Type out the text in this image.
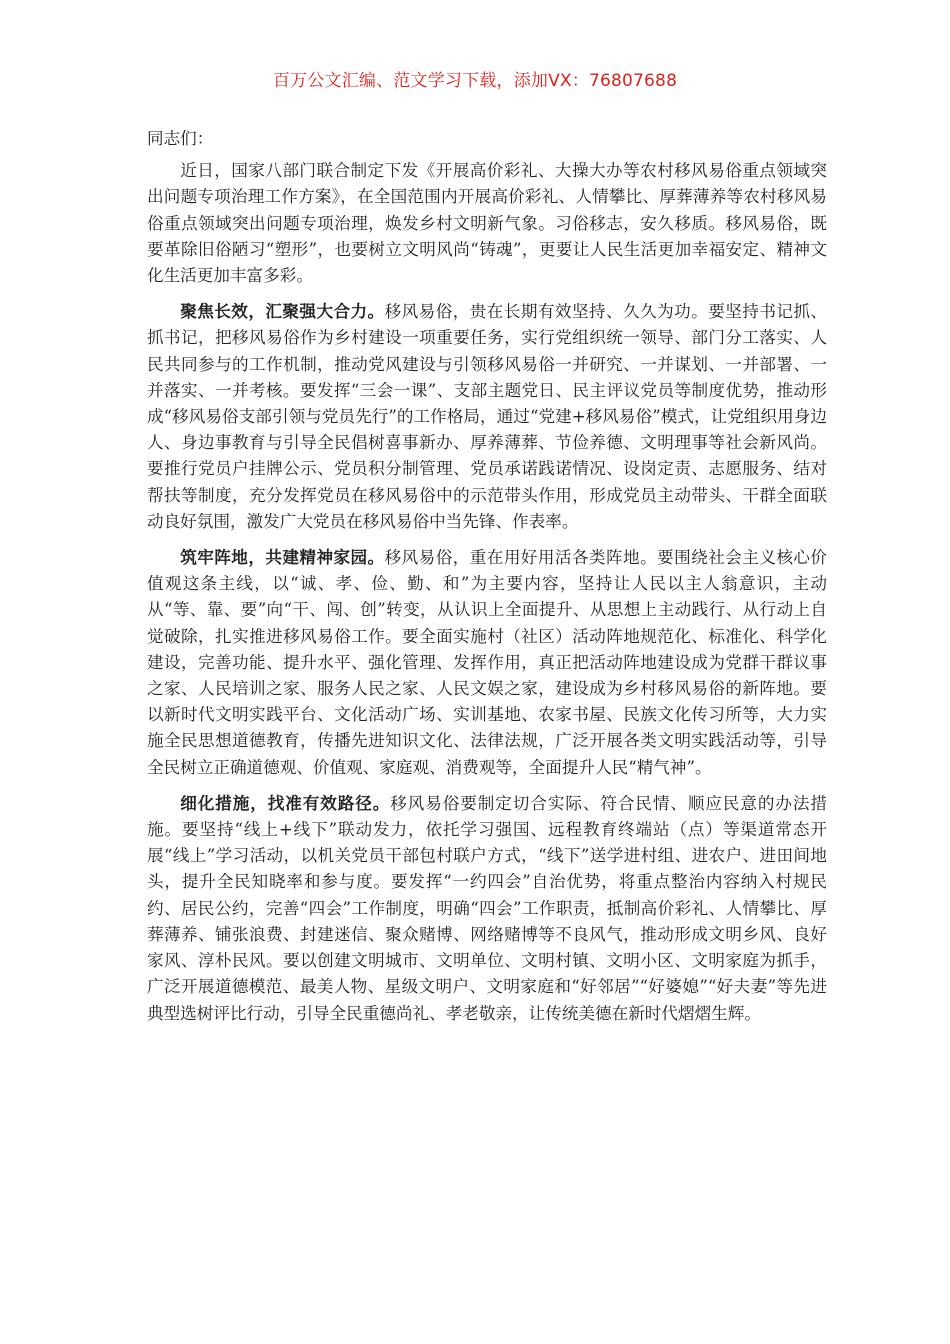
百万公文汇编、范文学习下载，添加VX：76807688

同志们：

近日，国家八部门联合制定下发《开展高价彩礼、大操大办等农村移风易俗重点领域突出问题专项治理工作方案》，在全国范围内开展高价彩礼、人情攀比、厚葬薄养等农村移风易俗重点领域突出问题专项治理，焕发乡村文明新气象。习俗移志，安久移质。移风易俗，既要革除旧俗陋习“塑形”，也要树立文明风尚“铸魂”，更要让人民生活更加幸福安定、精神文化生活更加丰富多彩。

聚焦长效，汇聚强大合力。移风易俗，贵在长期有效坚持、久久为功。要坚持书记抓、抓书记，把移风易俗作为乡村建设一项重要任务，实行党组织统一领导、部门分工落实、人民共同参与的工作机制，推动党风建设与引领移风易俗一并研究、一并谋划、一并部署、一并落实、一并考核。要发挥“三会一课”、支部主题党日、民主评议党员等制度优势，推动形成“移风易俗支部引领与党员先行”的工作格局，通过“党建+移风易俗”模式，让党组织用身边人、身边事教育与引导全民倡树喜事新办、厚养薄葬、节俭养德、文明理事等社会新风尚。要推行党员户挂牌公示、党员积分制管理、党员承诺践诺情况、设岗定责、志愿服务、结对帮扶等制度，充分发挥党员在移风易俗中的示范带头作用，形成党员主动带头、干群全面联动良好氛围，激发广大党员在移风易俗中当先锋、作表率。

筑牢阵地，共建精神家园。移风易俗，重在用好用活各类阵地。要围绕社会主义核心价值观这条主线，以“诚、孝、俭、勤、和”为主要内容，坚持让人民以主人翁意识，主动从“等、靠、要”向“干、闯、创”转变，从认识上全面提升、从思想上主动践行、从行动上自觉破除，扎实推进移风易俗工作。要全面实施村（社区）活动阵地规范化、标准化、科学化建设，完善功能、提升水平、强化管理、发挥作用，真正把活动阵地建设成为党群干群议事之家、人民培训之家、服务人民之家、人民文娱之家，建设成为乡村移风易俗的新阵地。要以新时代文明实践平台、文化活动广场、实训基地、农家书屋、民族文化传习所等，大力实施全民思想道德教育，传播先进知识文化、法律法规，广泛开展各类文明实践活动等，引导全民树立正确道德观、价值观、家庭观、消费观等，全面提升人民“精气神”。

细化措施，找准有效路径。移风易俗要制定切合实际、符合民情、顺应民意的办法措施。要坚持“线上+线下”联动发力，依托学习强国、远程教育终端站（点）等渠道常态开展“线上”学习活动，以机关党员干部包村联户方式，“线下”送学进村组、进农户、进田间地头，提升全民知晓率和参与度。要发挥“一约四会”自治优势，将重点整治内容纳入村规民约、居民公约，完善“四会”工作制度，明确“四会”工作职责，抵制高价彩礼、人情攀比、厚葬薄养、铺张浪费、封建迷信、聚众赌博、网络赌博等不良风气，推动形成文明乡风、良好家风、淳朴民风。要以创建文明城市、文明单位、文明村镇、文明小区、文明家庭为抓手，广泛开展道德模范、最美人物、星级文明户、文明家庭和“好邻居”“好婆媳”“好夫妻”等先进典型选树评比行动，引导全民重德尚礼、孝老敬亲，让传统美德在新时代熠熠生辉。
